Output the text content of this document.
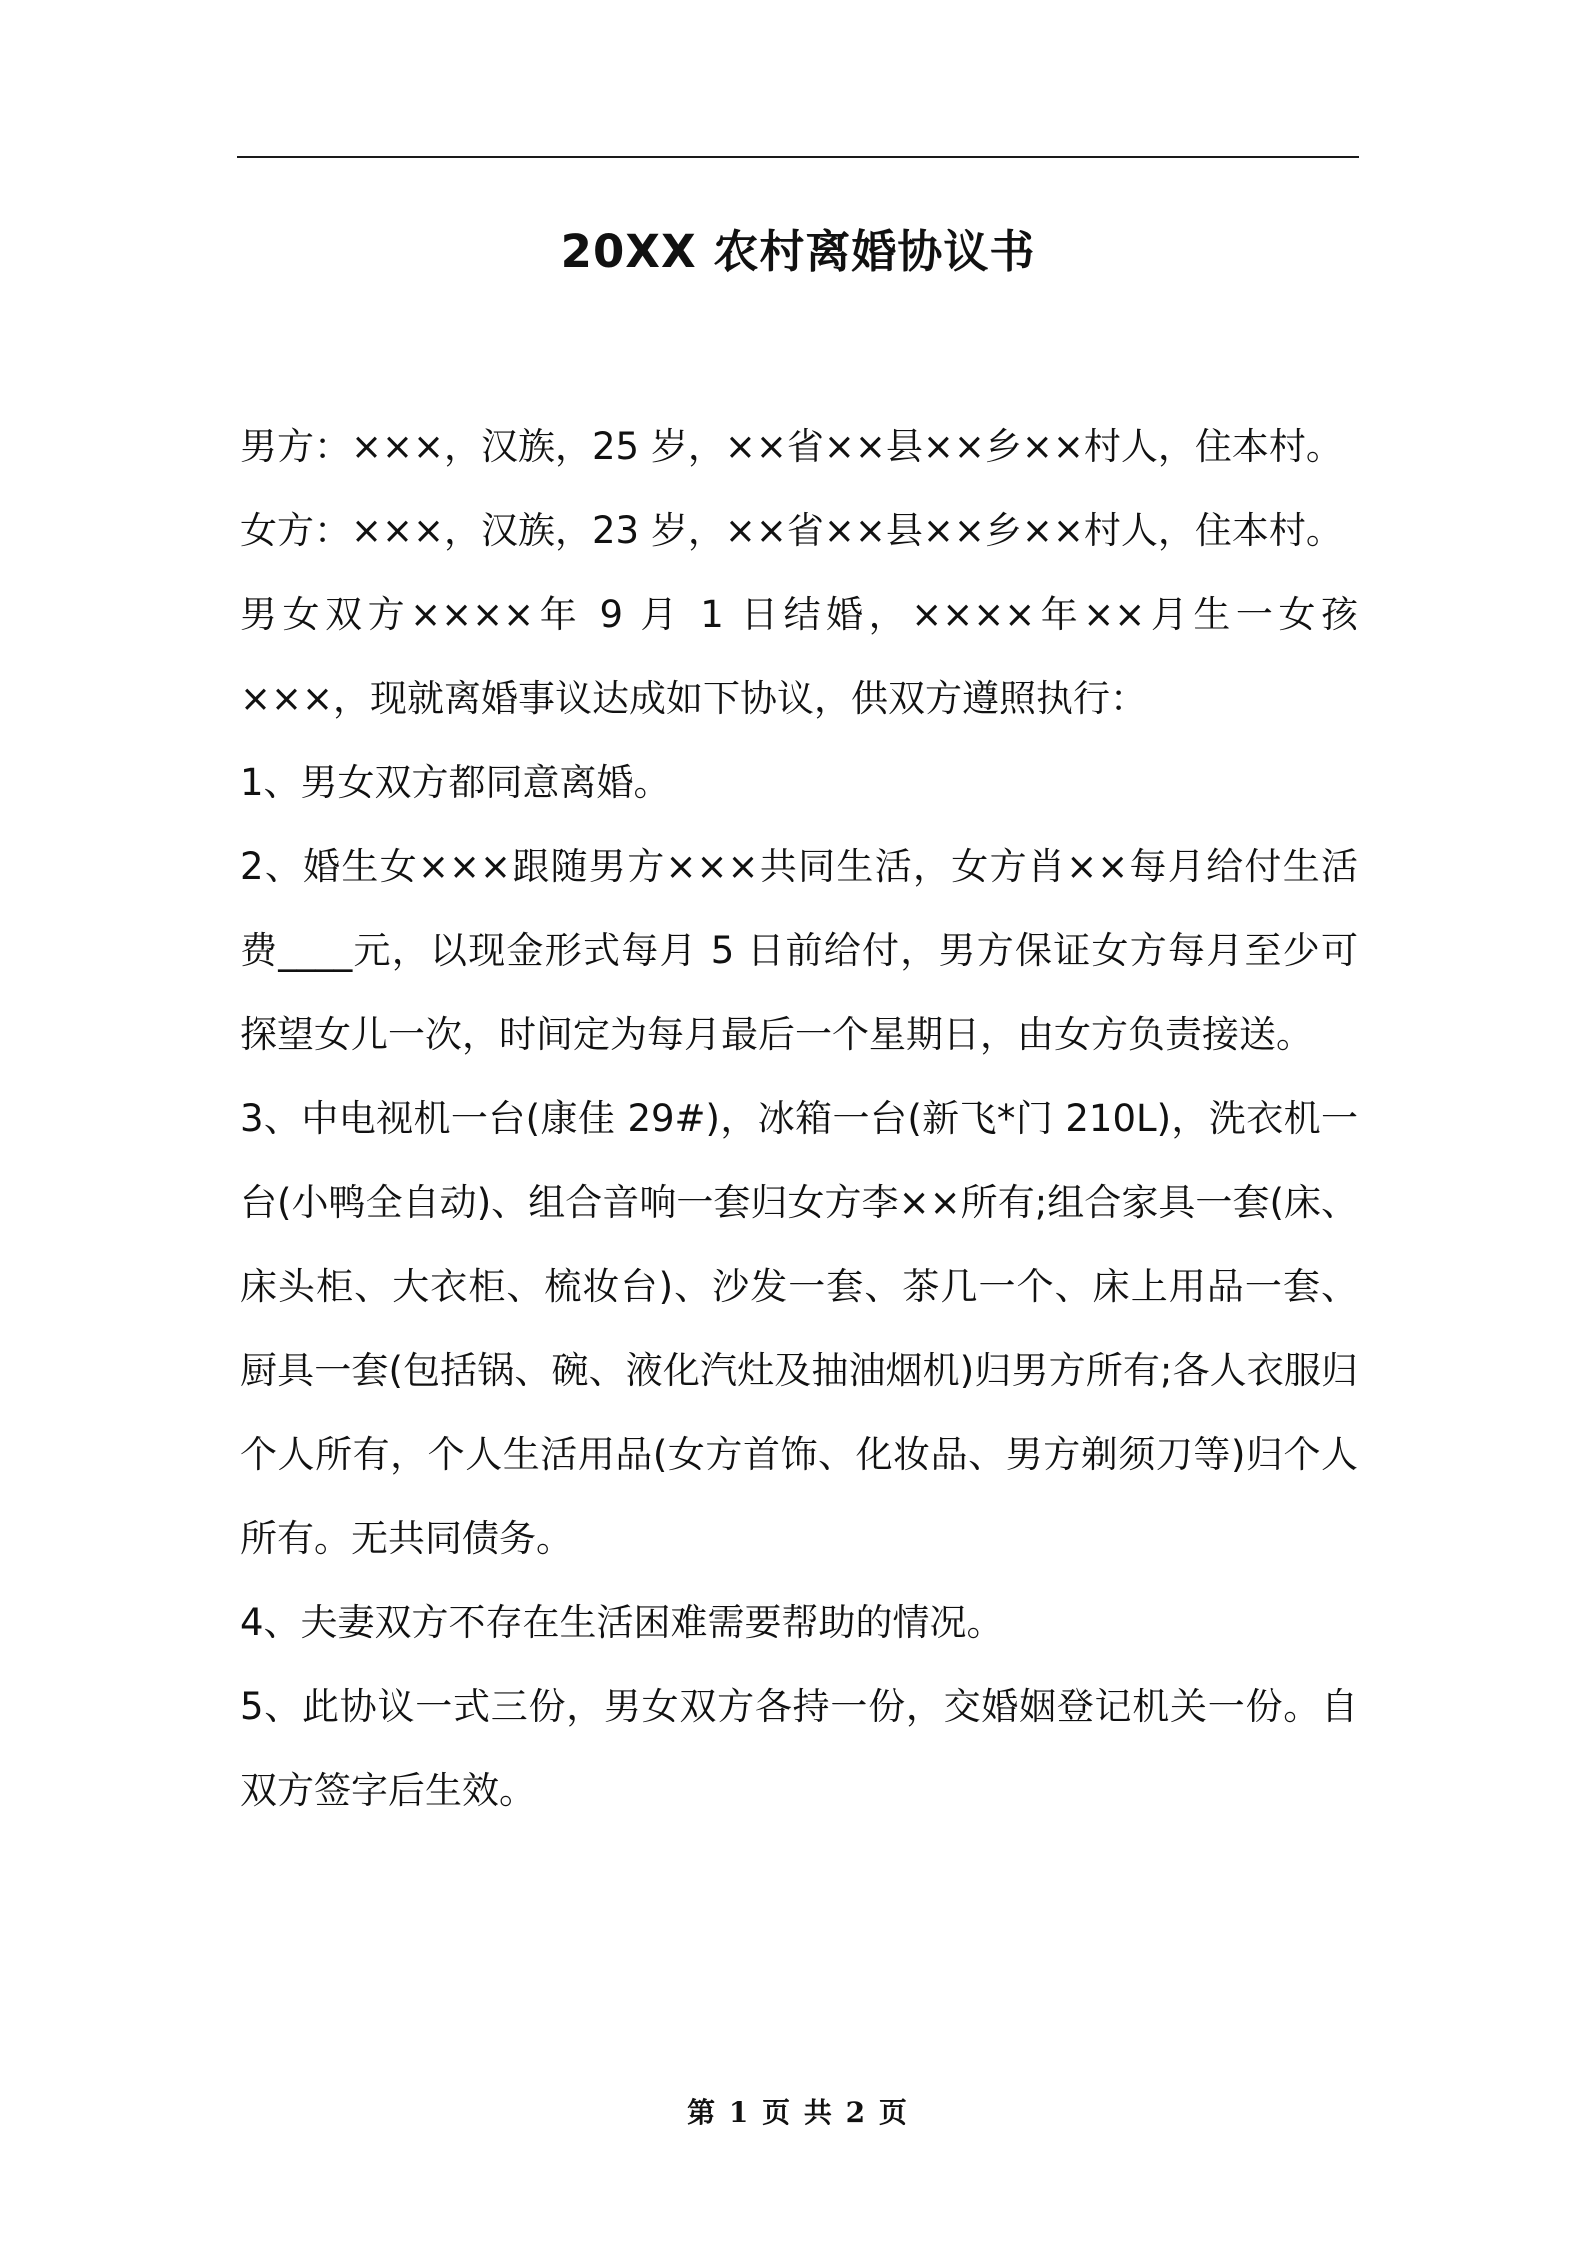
20XX 农村离婚协议书

男方：×××，汉族，25 岁，××省××县××乡××村人，住本村。

女方：×××，汉族，23 岁，××省××县××乡××村人，住本村。

男女双方××××年 9 月 1 日结婚，××××年××月生一女孩×××，现就离婚事议达成如下协议，供双方遵照执行：

1、男女双方都同意离婚。

2、婚生女×××跟随男方×××共同生活，女方肖××每月给付生活费____元，以现金形式每月 5 日前给付，男方保证女方每月至少可探望女儿一次，时间定为每月最后一个星期日，由女方负责接送。

3、中电视机一台(康佳 29#)，冰箱一台(新飞*门 210L)，洗衣机一台(小鸭全自动)、组合音响一套归女方李××所有;组合家具一套(床、床头柜、大衣柜、梳妆台)、沙发一套、茶几一个、床上用品一套、厨具一套(包括锅、碗、液化汽灶及抽油烟机)归男方所有;各人衣服归个人所有，个人生活用品(女方首饰、化妆品、男方剃须刀等)归个人所有。无共同债务。

4、夫妻双方不存在生活困难需要帮助的情况。

5、此协议一式三份，男女双方各持一份，交婚姻登记机关一份。自双方签字后生效。

第 1 页 共 2 页
